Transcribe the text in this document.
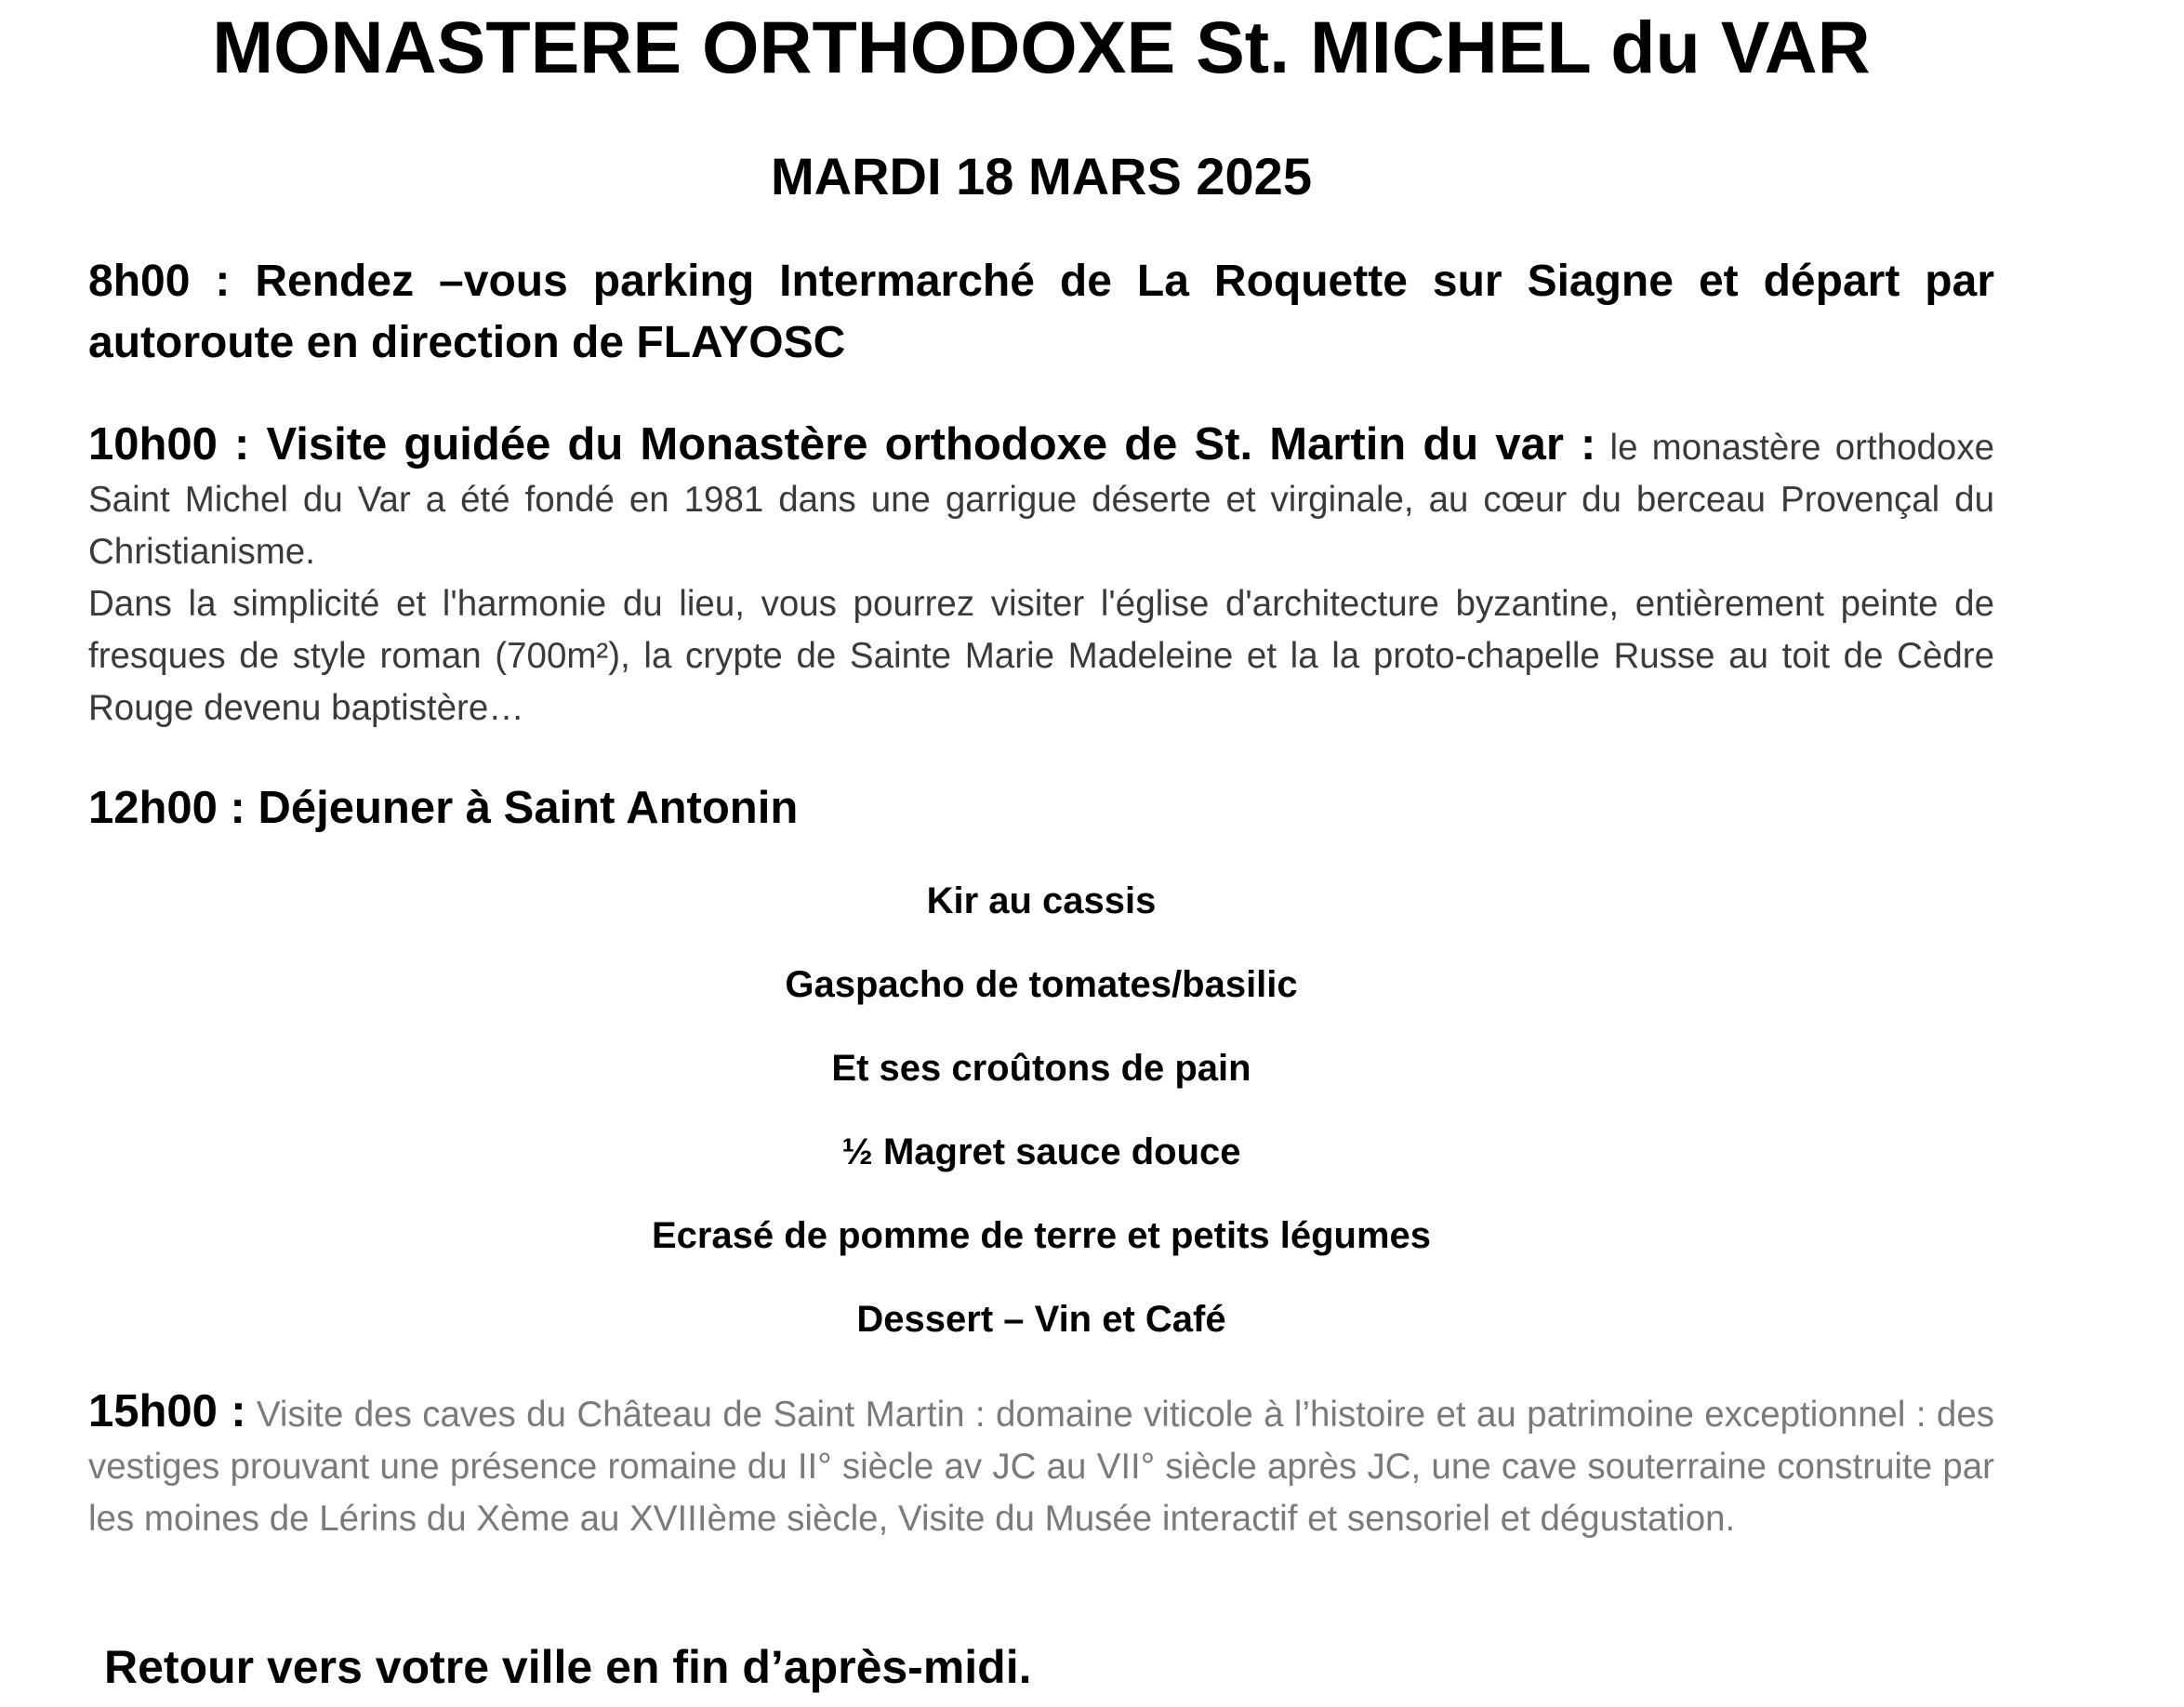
MONASTERE ORTHODOXE St. MICHEL du VAR
MARDI 18 MARS 2025

8h00 : Rendez –vous parking Intermarché de La Roquette sur Siagne et départ par autoroute en direction de FLAYOSC

10h00 : Visite guidée du Monastère orthodoxe de St. Martin du var : le monastère orthodoxe Saint Michel du Var a été fondé en 1981 dans une garrigue déserte et virginale, au cœur du berceau Provençal du Christianisme.
Dans la simplicité et l'harmonie du lieu, vous pourrez visiter l'église d'architecture byzantine, entièrement peinte de fresques de style roman (700m²), la crypte de Sainte Marie Madeleine et la la proto-chapelle Russe au toit de Cèdre Rouge devenu baptistère…

12h00 : Déjeuner à Saint Antonin

Kir au cassis
Gaspacho de tomates/basilic
Et ses croûtons de pain
½ Magret sauce douce
Ecrasé de pomme de terre et petits légumes
Dessert – Vin et Café

15h00 : Visite des caves du Château de Saint Martin : domaine viticole à l’histoire et au patrimoine exceptionnel : des vestiges prouvant une présence romaine du II° siècle av JC au VII° siècle après JC, une cave souterraine construite par les moines de Lérins du Xème au XVIIIème siècle, Visite du Musée interactif et sensoriel et dégustation.

Retour vers votre ville en fin d’après-midi.
